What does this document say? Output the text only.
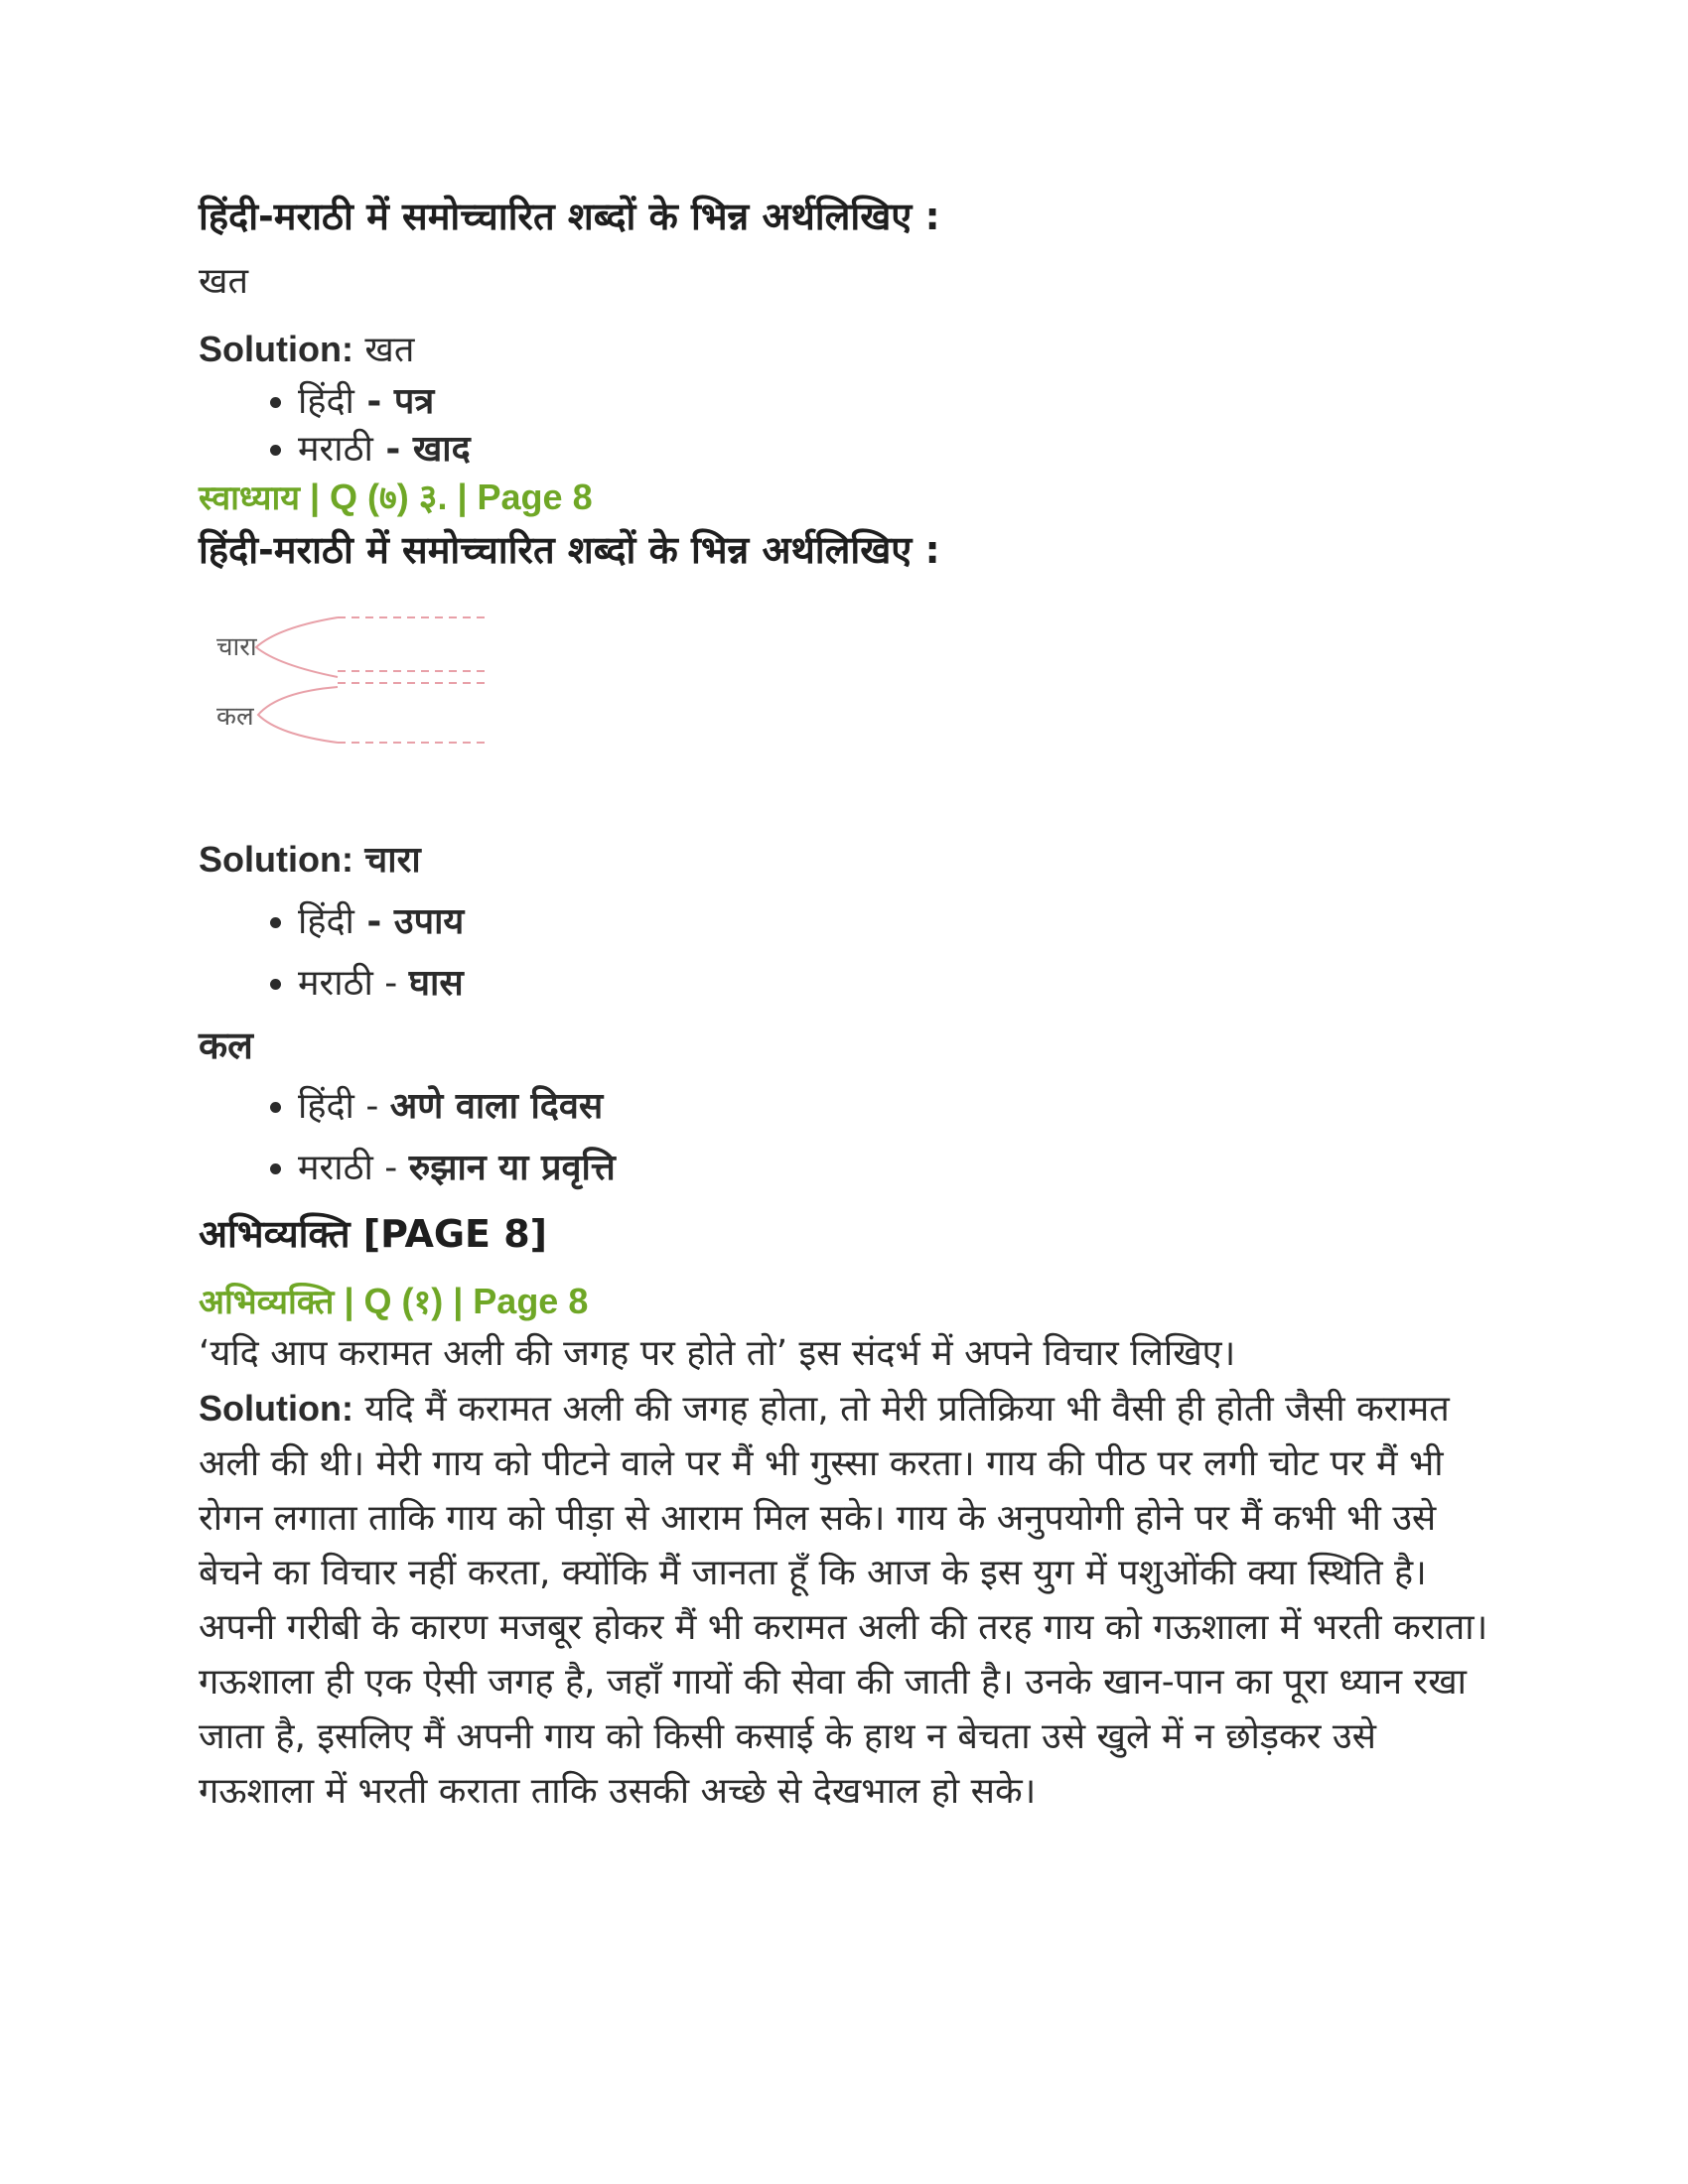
हिंदी-मराठी में समोच्चारित शब्दों के भिन्न अर्थलिखिए :

खत

Solution: खत

• हिंदी - पत्र
• मराठी - खाद

स्वाध्याय | Q (७) ३. | Page 8

हिंदी-मराठी में समोच्चारित शब्दों के भिन्न अर्थलिखिए :

चारा
कल

Solution: चारा

• हिंदी - उपाय
• मराठी - घास

कल

• हिंदी - अणे वाला दिवस
• मराठी - रुझान या प्रवृत्ति

अभिव्यक्ति [PAGE 8]

अभिव्यक्ति | Q (१) | Page 8

‘यदि आप करामत अली की जगह पर होते तो’ इस संदर्भ में अपने विचार लिखिए।

Solution: यदि मैं करामत अली की जगह होता, तो मेरी प्रतिक्रिया भी वैसी ही होती जैसी करामत अली की थी। मेरी गाय को पीटने वाले पर मैं भी गुस्सा करता। गाय की पीठ पर लगी चोट पर मैं भी रोगन लगाता ताकि गाय को पीड़ा से आराम मिल सके। गाय के अनुपयोगी होने पर मैं कभी भी उसे बेचने का विचार नहीं करता, क्योंकि मैं जानता हूँ कि आज के इस युग में पशुओंकी क्या स्थिति है। अपनी गरीबी के कारण मजबूर होकर मैं भी करामत अली की तरह गाय को गऊशाला में भरती कराता। गऊशाला ही एक ऐसी जगह है, जहाँ गायों की सेवा की जाती है। उनके खान-पान का पूरा ध्यान रखा जाता है, इसलिए मैं अपनी गाय को किसी कसाई के हाथ न बेचता उसे खुले में न छोड़कर उसे गऊशाला में भरती कराता ताकि उसकी अच्छे से देखभाल हो सके।
